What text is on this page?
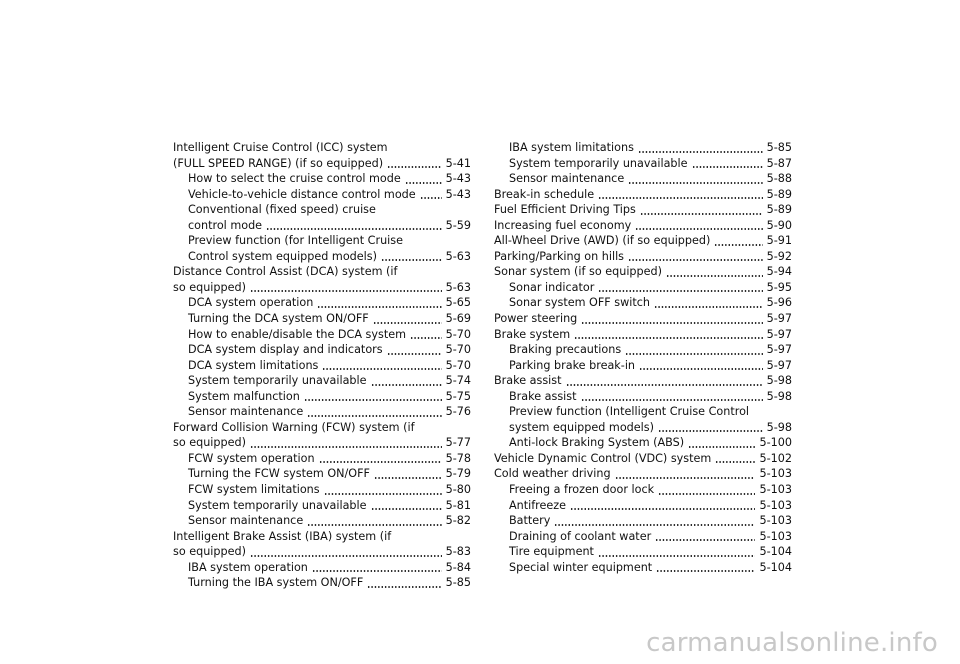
Intelligent Cruise Control (ICC) system
(FULL SPEED RANGE) (if so equipped)	5-41
How to select the cruise control mode	5-43
Vehicle-to-vehicle distance control mode	5-43
Conventional (fixed speed) cruise
control mode	5-59
Preview function (for Intelligent Cruise
Control system equipped models)	5-63
Distance Control Assist (DCA) system (if
so equipped)	5-63
DCA system operation	5-65
Turning the DCA system ON/OFF	5-69
How to enable/disable the DCA system	5-70
DCA system display and indicators	5-70
DCA system limitations	5-70
System temporarily unavailable	5-74
System malfunction	5-75
Sensor maintenance	5-76
Forward Collision Warning (FCW) system (if
so equipped)	5-77
FCW system operation	5-78
Turning the FCW system ON/OFF	5-79
FCW system limitations	5-80
System temporarily unavailable	5-81
Sensor maintenance	5-82
Intelligent Brake Assist (IBA) system (if
so equipped)	5-83
IBA system operation	5-84
Turning the IBA system ON/OFF	5-85
IBA system limitations	5-85
System temporarily unavailable	5-87
Sensor maintenance	5-88
Break-in schedule	5-89
Fuel Efficient Driving Tips	5-89
Increasing fuel economy	5-90
All-Wheel Drive (AWD) (if so equipped)	5-91
Parking/Parking on hills	5-92
Sonar system (if so equipped)	5-94
Sonar indicator	5-95
Sonar system OFF switch	5-96
Power steering	5-97
Brake system	5-97
Braking precautions	5-97
Parking brake break-in	5-97
Brake assist	5-98
Brake assist	5-98
Preview function (Intelligent Cruise Control
system equipped models)	5-98
Anti-lock Braking System (ABS)	5-100
Vehicle Dynamic Control (VDC) system	5-102
Cold weather driving	5-103
Freeing a frozen door lock	5-103
Antifreeze	5-103
Battery	5-103
Draining of coolant water	5-103
Tire equipment	5-104
Special winter equipment	5-104
carmanualsonline.info
